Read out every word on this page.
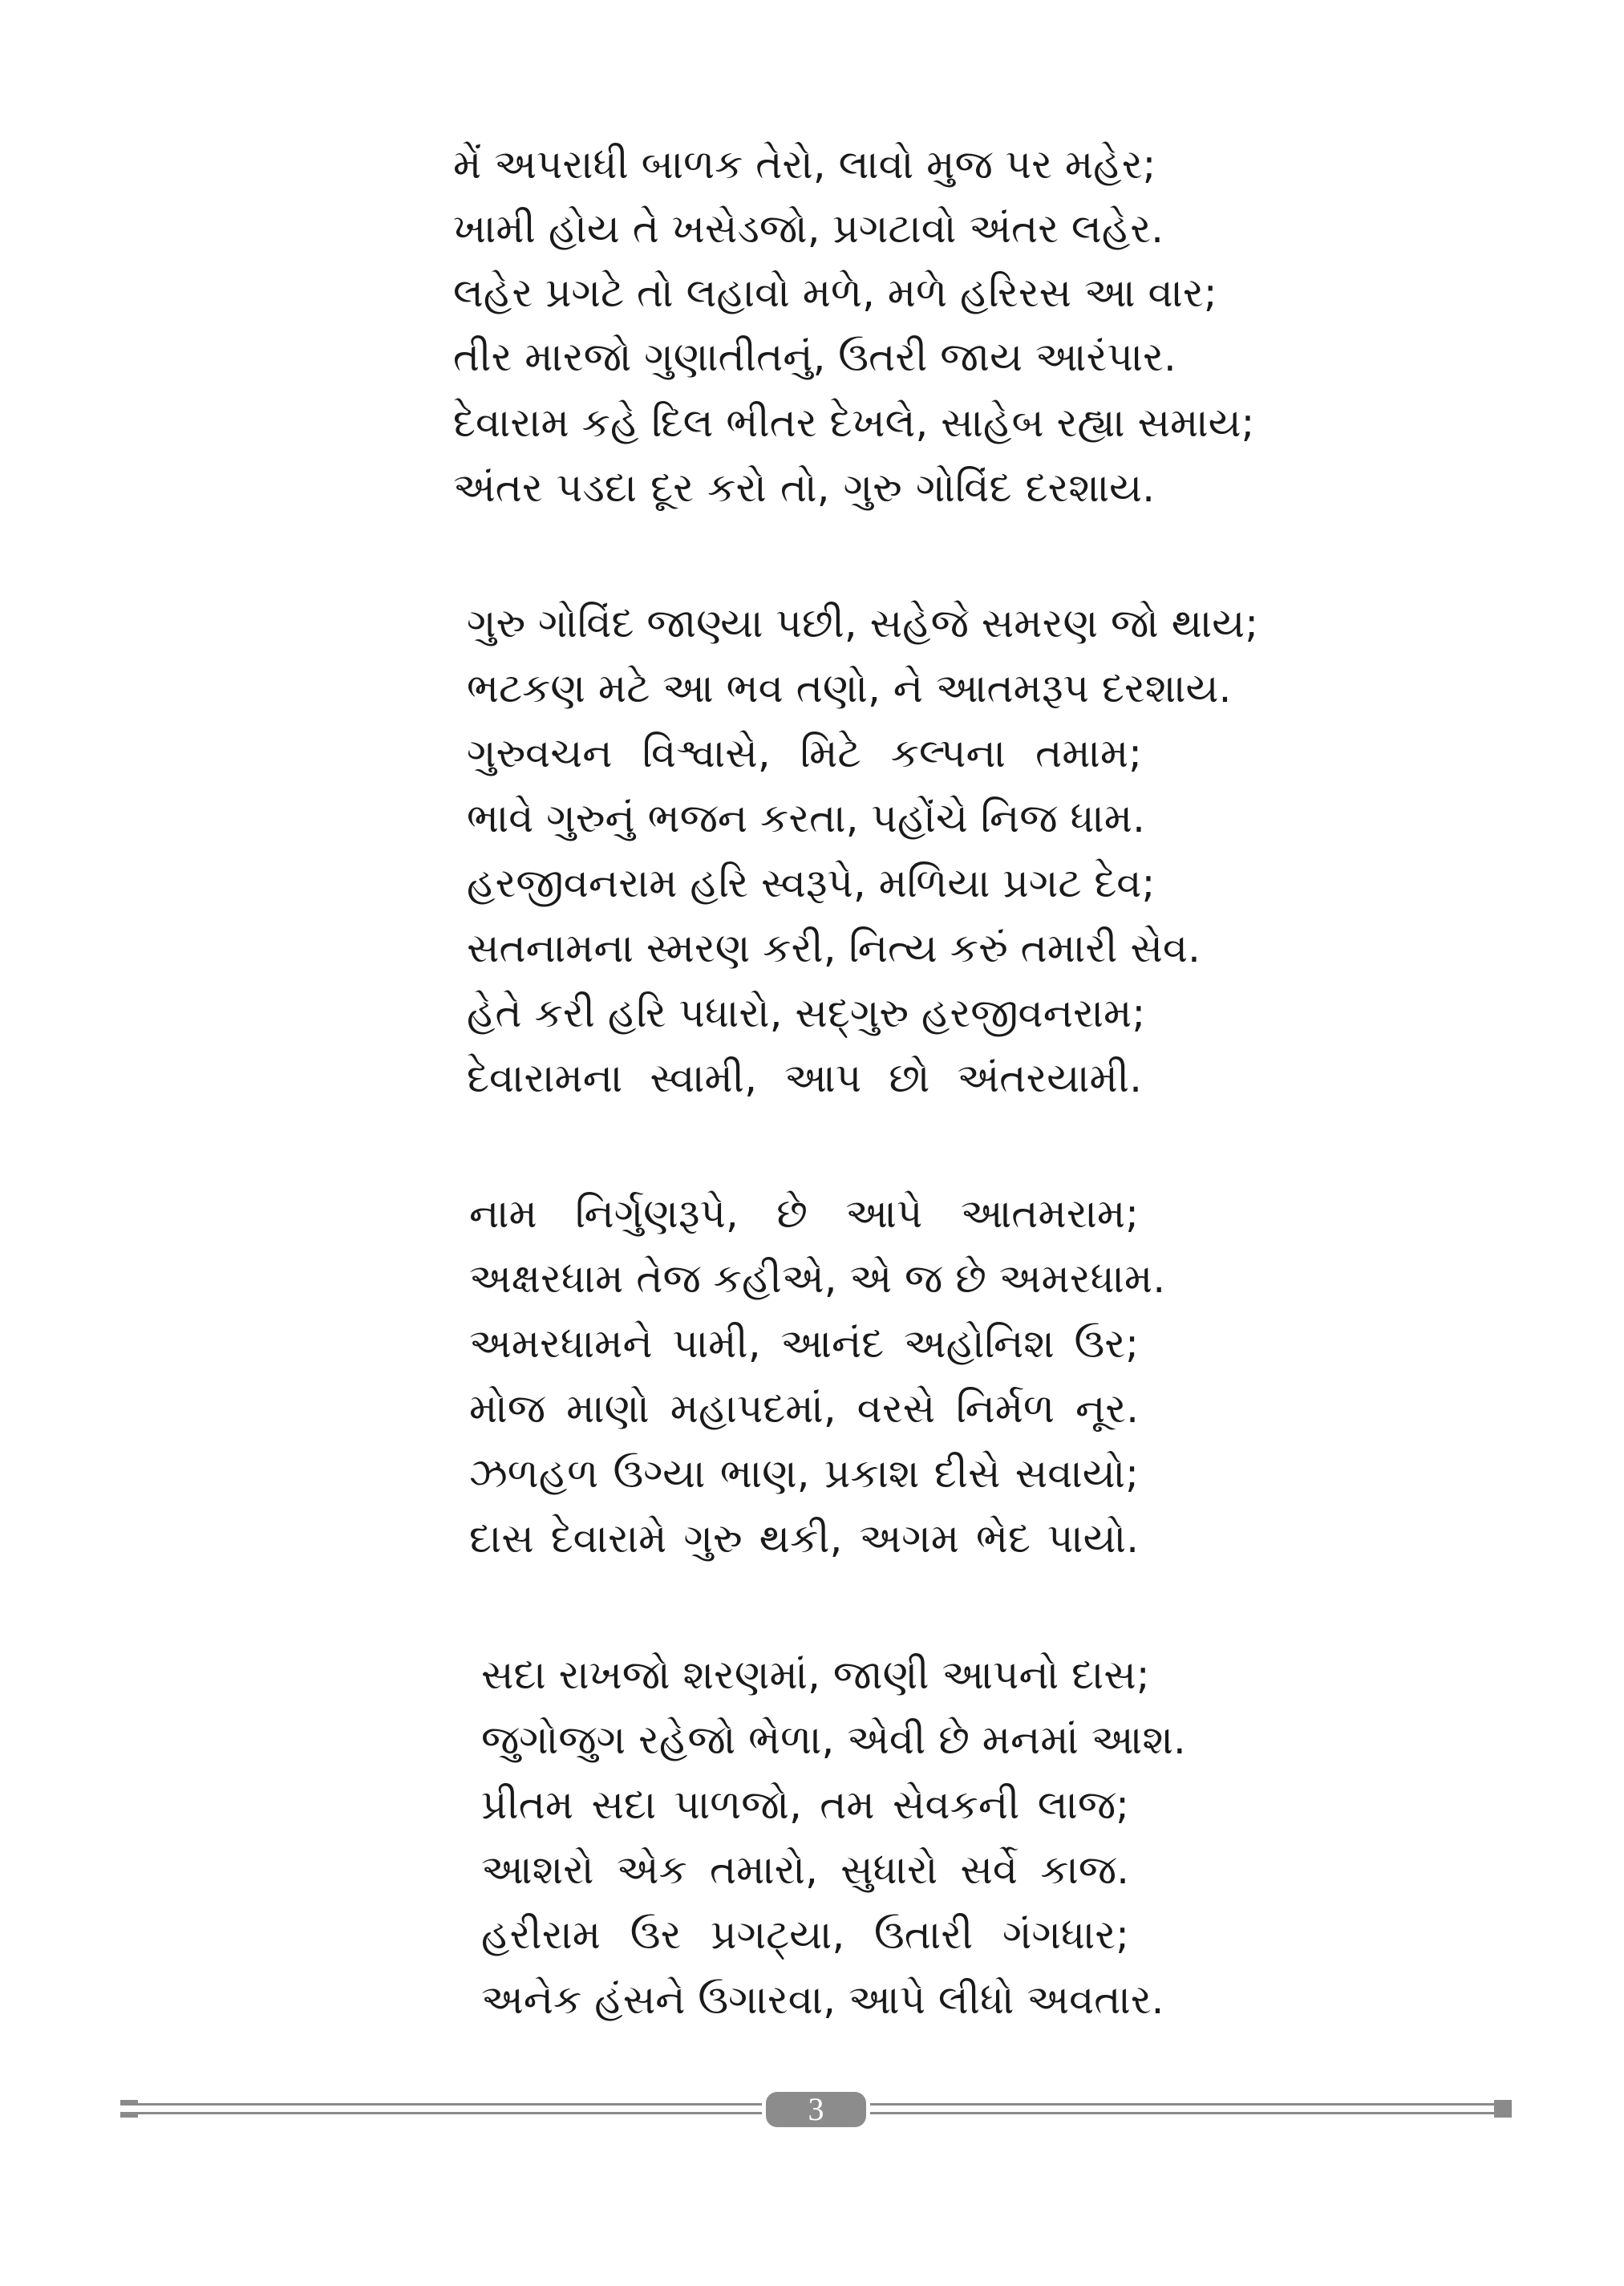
મેં અપરાધી બાળક તેરો, લાવો મુજ પર મહેર;
ખામી હોય તે ખસેડજો, પ્રગટાવો અંતર લહેર.
લહેર પ્રગટે તો લહાવો મળે, મળે હરિરસ આ વાર;
તીર મારજો ગુણાતીતનું, ઉતરી જાય આરંપાર.
દેવારામ કહે દિલ ભીતર દેખલે, સાહેબ રહ્યા સમાય;
અંતર પડદા દૂર કરો તો, ગુરુ ગોવિંદ દરશાય.
ગુરુ ગોવિંદ જાણ્યા પછી, સહેજે સમરણ જો થાય;
ભટકણ મટે આ ભવ તણો, ને આતમરૂપ દરશાય.
ગુરુવચન વિશ્વાસે, મિટે કલ્પના તમામ;
ભાવે ગુરુનું ભજન કરતા, પહોંચે નિજ ધામ.
હરજીવનરામ હરિ સ્વરૂપે, મળિયા પ્રગટ દેવ;
સતનામના સ્મરણ કરી, નિત્ય કરું તમારી સેવ.
હેતે કરી હરિ પધારો, સદ્‌ગુરુ હરજીવનરામ;
દેવારામના સ્વામી, આપ છો અંતરયામી.
નામ નિર્ગુણરૂપે, છે આપે આતમરામ;
અક્ષરધામ તેજ કહીએ, એ જ છે અમરધામ.
અમરધામને પામી, આનંદ અહોનિશ ઉર;
મોજ માણો મહાપદમાં, વરસે નિર્મળ નૂર.
ઝળહળ ઉગ્યા ભાણ, પ્રકાશ દીસે સવાયો;
દાસ દેવારામે ગુરુ થકી, અગમ ભેદ પાયો.
સદા રાખજો શરણમાં, જાણી આપનો દાસ;
જુગોજુગ રહેજો ભેળા, એવી છે મનમાં આશ.
પ્રીતમ સદા પાળજો, તમ સેવકની લાજ;
આશરો એક તમારો, સુધારો સર્વે કાજ.
હરીરામ ઉર પ્રગટ્યા, ઉતારી ગંગધાર;
અનેક હંસને ઉગારવા, આપે લીધો અવતાર.
3
